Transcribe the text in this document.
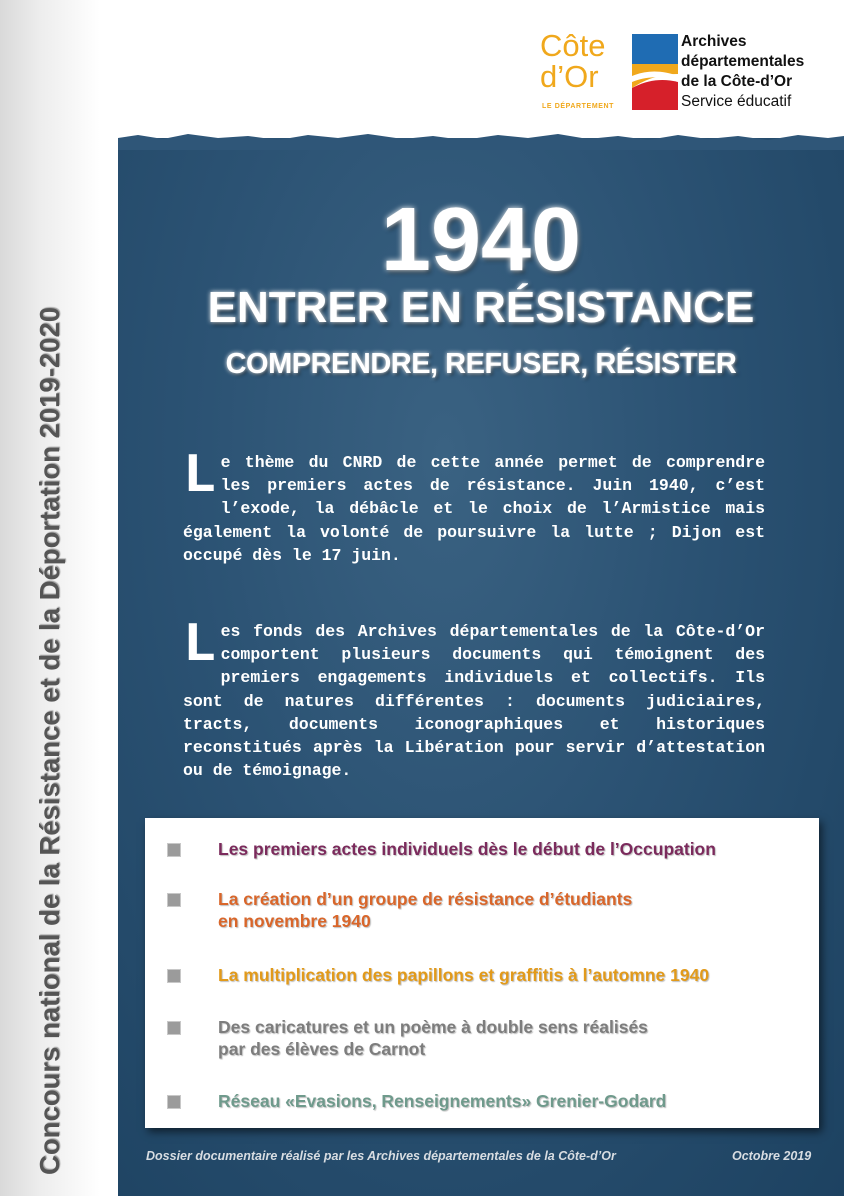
Concours national de la Résistance et de la Déportation 2019-2020
Côte
d’Or
LE DÉPARTEMENT
Archives
départementales
de la Côte-d’Or
Service éducatif
1940
ENTRER EN RÉSISTANCE
COMPRENDRE, REFUSER, RÉSISTER
Le thème du CNRD de cette année permet de comprendre les premiers actes de résistance. Juin 1940, c’est l’exode, la débâcle et le choix de l’Armistice mais également la volonté de poursuivre la lutte ; Dijon est occupé dès le 17 juin.
Les fonds des Archives départementales de la Côte-d’Or comportent plusieurs documents qui témoignent des premiers engagements individuels et collectifs. Ils sont de natures différentes : documents judiciaires, tracts, documents iconographiques et historiques reconstitués après la Libération pour servir d’attestation ou de témoignage.
Les premiers actes individuels dès le début de l’Occupation
La création d’un groupe de résistance d’étudiants
en novembre 1940
La multiplication des papillons et graffitis à l’automne 1940
Des caricatures et un poème à double sens réalisés
par des élèves de Carnot
Réseau «Evasions, Renseignements» Grenier-Godard
Dossier documentaire réalisé par les Archives départementales de la Côte-d’Or	Octobre 2019
